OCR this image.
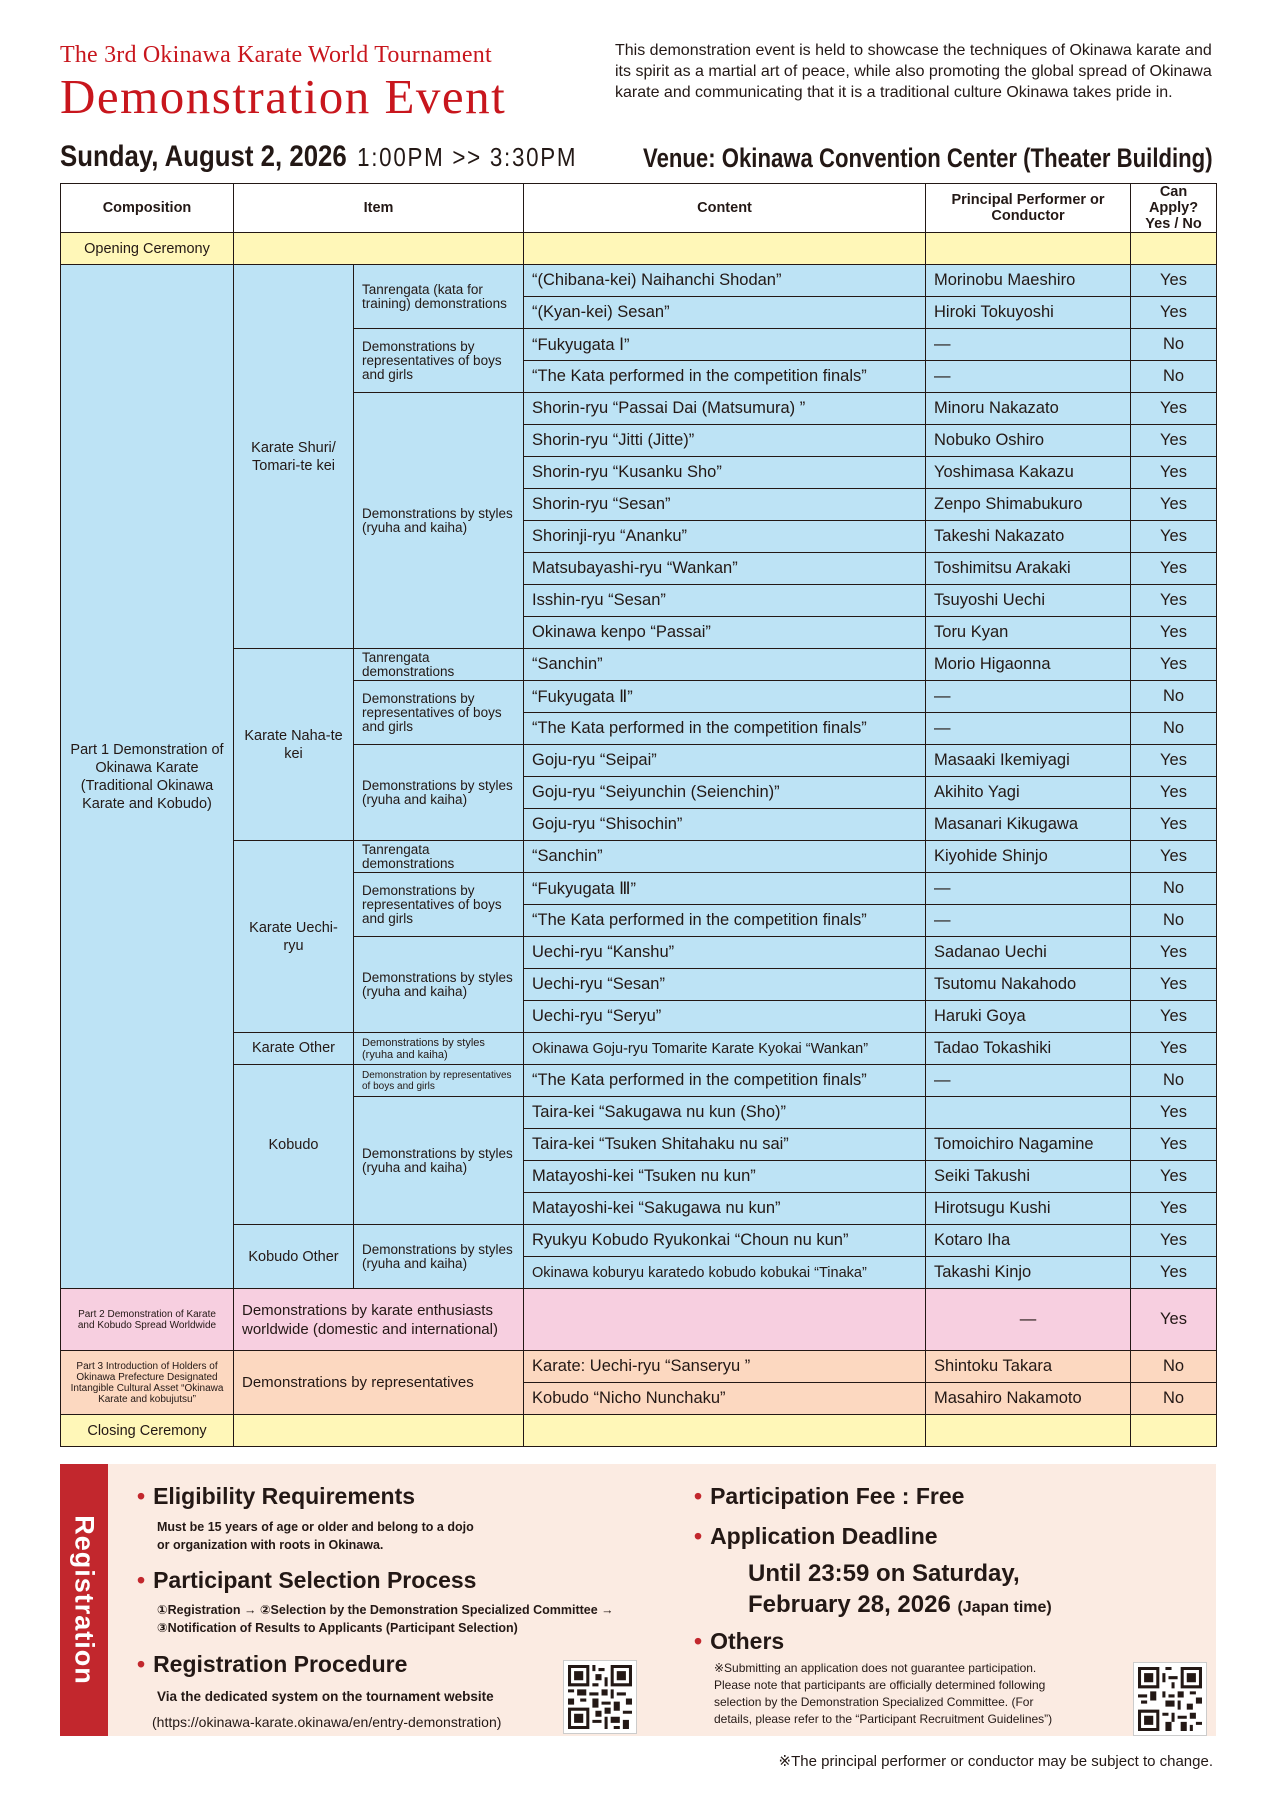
The 3rd Okinawa Karate World Tournament
Demonstration Event
This demonstration event is held to showcase the techniques of Okinawa karate and its spirit as a martial art of peace, while also promoting the global spread of Okinawa karate and communicating that it is a traditional culture Okinawa takes pride in.
Sunday, August 2, 2026 1:00PM >> 3:30PM Venue: Okinawa Convention Center (Theater Building)
Composition	Item		Content	Principal Performer or Conductor	Can Apply? Yes / No
Opening Ceremony					
Part 1 Demonstration of Okinawa Karate (Traditional Okinawa Karate and Kobudo)	Karate Shuri/ Tomari-te kei	Tanrengata (kata for training) demonstrations	“(Chibana-kei) Naihanchi Shodan”	Morinobu Maeshiro	Yes
			“(Kyan-kei) Sesan”	Hiroki Tokuyoshi	Yes
		Demonstrations by representatives of boys and girls	“Fukyugata Ⅰ”	—	No
			“The Kata performed in the competition finals”	—	No
		Demonstrations by styles (ryuha and kaiha)	Shorin-ryu “Passai Dai (Matsumura) ”	Minoru Nakazato	Yes
			Shorin-ryu “Jitti (Jitte)”	Nobuko Oshiro	Yes
			Shorin-ryu “Kusanku Sho”	Yoshimasa Kakazu	Yes
			Shorin-ryu “Sesan”	Zenpo Shimabukuro	Yes
			Shorinji-ryu “Ananku”	Takeshi Nakazato	Yes
			Matsubayashi-ryu “Wankan”	Toshimitsu Arakaki	Yes
			Isshin-ryu “Sesan”	Tsuyoshi Uechi	Yes
			Okinawa kenpo “Passai”	Toru Kyan	Yes
	Karate Naha-te kei	Tanrengata demonstrations	“Sanchin”	Morio Higaonna	Yes
		Demonstrations by representatives of boys and girls	“Fukyugata Ⅱ”	—	No
			“The Kata performed in the competition finals”	—	No
		Demonstrations by styles (ryuha and kaiha)	Goju-ryu “Seipai”	Masaaki Ikemiyagi	Yes
			Goju-ryu “Seiyunchin (Seienchin)”	Akihito Yagi	Yes
			Goju-ryu “Shisochin”	Masanari Kikugawa	Yes
	Karate Uechi-ryu	Tanrengata demonstrations	“Sanchin”	Kiyohide Shinjo	Yes
		Demonstrations by representatives of boys and girls	“Fukyugata Ⅲ”	—	No
			“The Kata performed in the competition finals”	—	No
		Demonstrations by styles (ryuha and kaiha)	Uechi-ryu “Kanshu”	Sadanao Uechi	Yes
			Uechi-ryu “Sesan”	Tsutomu Nakahodo	Yes
			Uechi-ryu “Seryu”	Haruki Goya	Yes
	Karate Other	Demonstrations by styles (ryuha and kaiha)	Okinawa Goju-ryu Tomarite Karate Kyokai “Wankan”	Tadao Tokashiki	Yes
	Kobudo	Demonstration by representatives of boys and girls	“The Kata performed in the competition finals”	—	No
		Demonstrations by styles (ryuha and kaiha)	Taira-kei “Sakugawa nu kun (Sho)”		Yes
			Taira-kei “Tsuken Shitahaku nu sai”	Tomoichiro Nagamine	Yes
			Matayoshi-kei “Tsuken nu kun”	Seiki Takushi	Yes
			Matayoshi-kei “Sakugawa nu kun”	Hirotsugu Kushi	Yes
	Kobudo Other	Demonstrations by styles (ryuha and kaiha)	Ryukyu Kobudo Ryukonkai “Choun nu kun”	Kotaro Iha	Yes
			Okinawa koburyu karatedo kobudo kobukai “Tinaka”	Takashi Kinjo	Yes
Part 2 Demonstration of Karate and Kobudo Spread Worldwide	Demonstrations by karate enthusiasts worldwide (domestic and international)			—	Yes
Part 3 Introduction of Holders of Okinawa Prefecture Designated Intangible Cultural Asset “Okinawa Karate and kobujutsu”	Demonstrations by representatives		Karate: Uechi-ryu “Sanseryu ”	Shintoku Takara	No
			Kobudo “Nicho Nunchaku”	Masahiro Nakamoto	No
Closing Ceremony					
Registration
• Eligibility Requirements
Must be 15 years of age or older and belong to a dojo
or organization with roots in Okinawa.
• Participant Selection Process
①Registration → ②Selection by the Demonstration Specialized Committee →
③Notification of Results to Applicants (Participant Selection)
• Registration Procedure
Via the dedicated system on the tournament website
(https://okinawa-karate.okinawa/en/entry-demonstration)
• Participation Fee : Free
• Application Deadline
Until 23:59 on Saturday,
February 28, 2026 (Japan time)
• Others
※Submitting an application does not guarantee participation.
Please note that participants are officially determined following
selection by the Demonstration Specialized Committee. (For
details, please refer to the “Participant Recruitment Guidelines”)
※The principal performer or conductor may be subject to change.
